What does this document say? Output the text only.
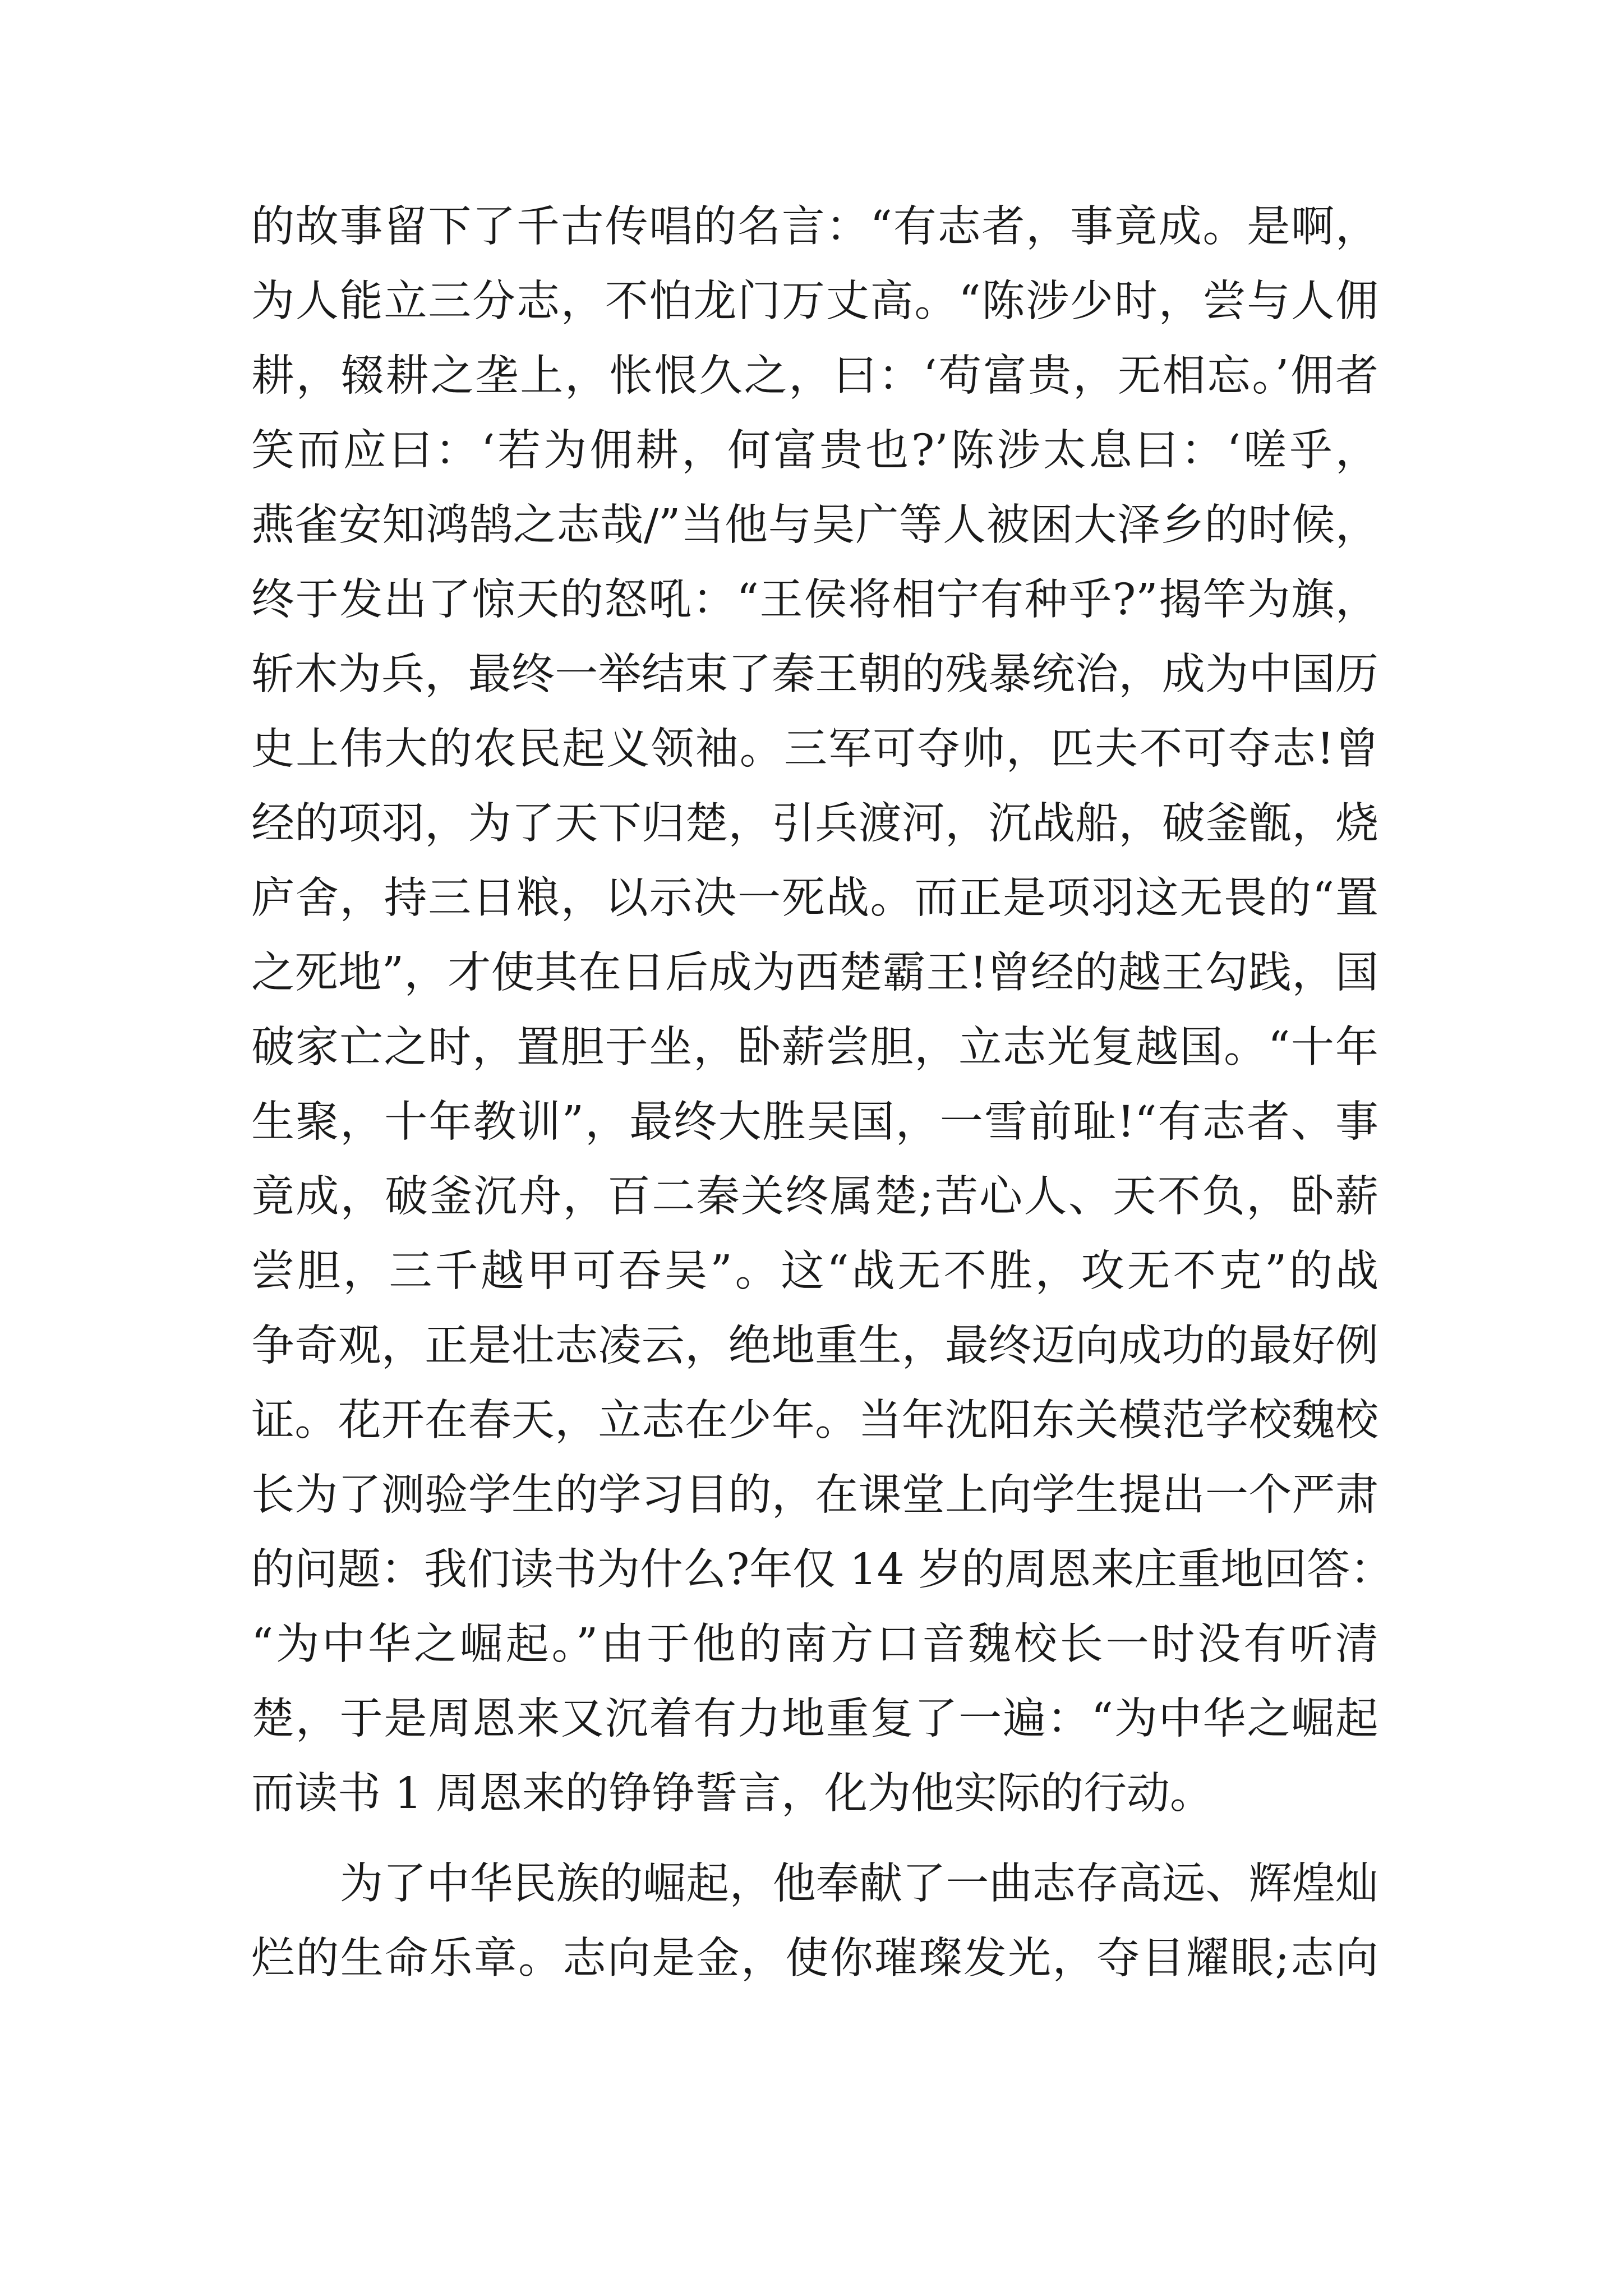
的故事留下了千古传唱的名言：“有志者，事竟成。是啊，
为人能立三分志，不怕龙门万丈高。“陈涉少时，尝与人佣
耕，辍耕之垄上，怅恨久之，曰：‘苟富贵，无相忘。’佣者
笑而应曰：‘若为佣耕，何富贵也?’陈涉太息曰：‘嗟乎，
燕雀安知鸿鹄之志哉/”当他与吴广等人被困大泽乡的时候，
终于发出了惊天的怒吼：“王侯将相宁有种乎?”揭竿为旗，
斩木为兵，最终一举结束了秦王朝的残暴统治，成为中国历
史上伟大的农民起义领袖。三军可夺帅，匹夫不可夺志!曾
经的项羽，为了天下归楚，引兵渡河，沉战船，破釜甑，烧
庐舍，持三日粮，以示决一死战。而正是项羽这无畏的“置
之死地”，才使其在日后成为西楚霸王!曾经的越王勾践，国
破家亡之时，置胆于坐，卧薪尝胆，立志光复越国。“十年
生聚，十年教训”，最终大胜吴国，一雪前耻!“有志者、事
竟成，破釜沉舟，百二秦关终属楚;苦心人、天不负，卧薪
尝胆，三千越甲可吞吴”。这“战无不胜，攻无不克”的战
争奇观，正是壮志凌云，绝地重生，最终迈向成功的最好例
证。花开在春天，立志在少年。当年沈阳东关模范学校魏校
长为了测验学生的学习目的，在课堂上向学生提出一个严肃
的问题：我们读书为什么?年仅 14 岁的周恩来庄重地回答：
“为中华之崛起。”由于他的南方口音魏校长一时没有听清
楚，于是周恩来又沉着有力地重复了一遍：“为中华之崛起
而读书 1 周恩来的铮铮誓言，化为他实际的行动。
为了中华民族的崛起，他奉献了一曲志存高远、辉煌灿
烂的生命乐章。志向是金，使你璀璨发光，夺目耀眼;志向
